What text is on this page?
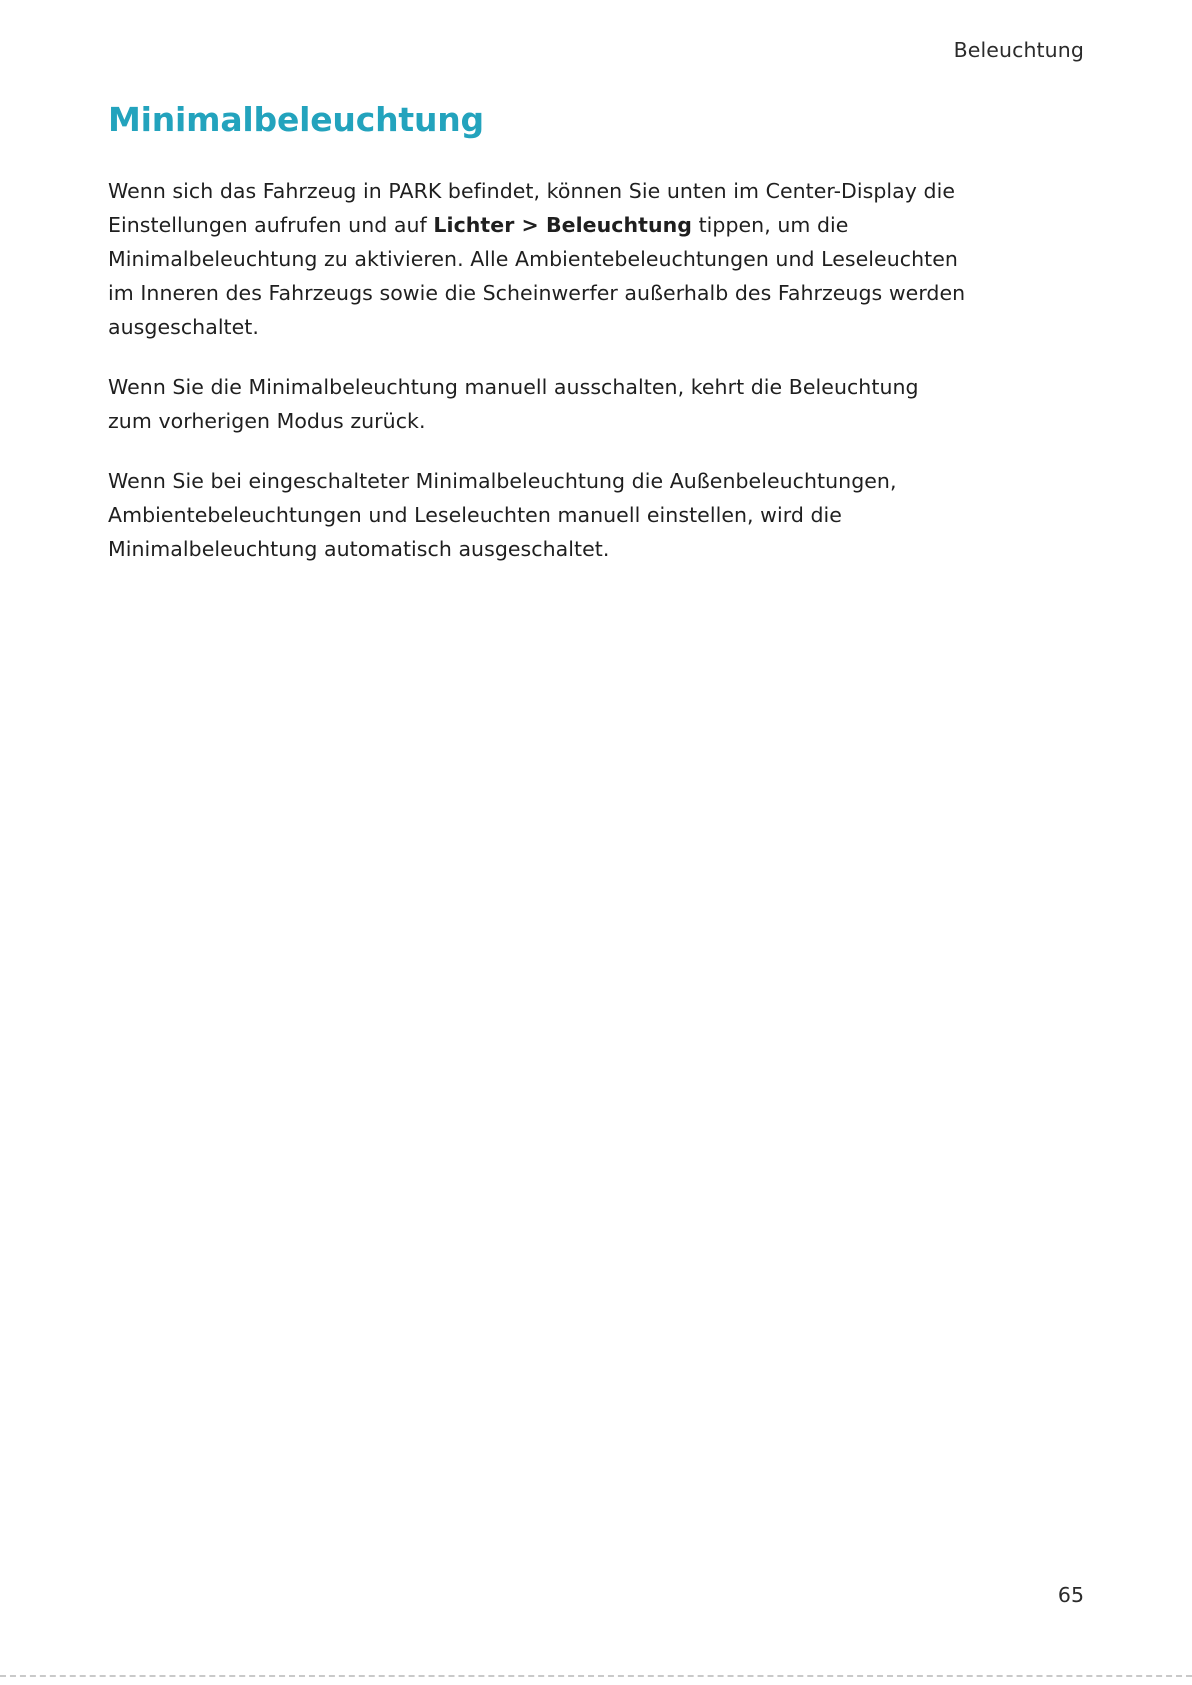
Beleuchtung
Minimalbeleuchtung

Wenn sich das Fahrzeug in PARK befindet, können Sie unten im Center-Display die Einstellungen aufrufen und auf Lichter > Beleuchtung tippen, um die Minimalbeleuchtung zu aktivieren. Alle Ambientebeleuchtungen und Leseleuchten im Inneren des Fahrzeugs sowie die Scheinwerfer außerhalb des Fahrzeugs werden ausgeschaltet.

Wenn Sie die Minimalbeleuchtung manuell ausschalten, kehrt die Beleuchtung zum vorherigen Modus zurück.

Wenn Sie bei eingeschalteter Minimalbeleuchtung die Außenbeleuchtungen, Ambientebeleuchtungen und Leseleuchten manuell einstellen, wird die Minimalbeleuchtung automatisch ausgeschaltet.

65
